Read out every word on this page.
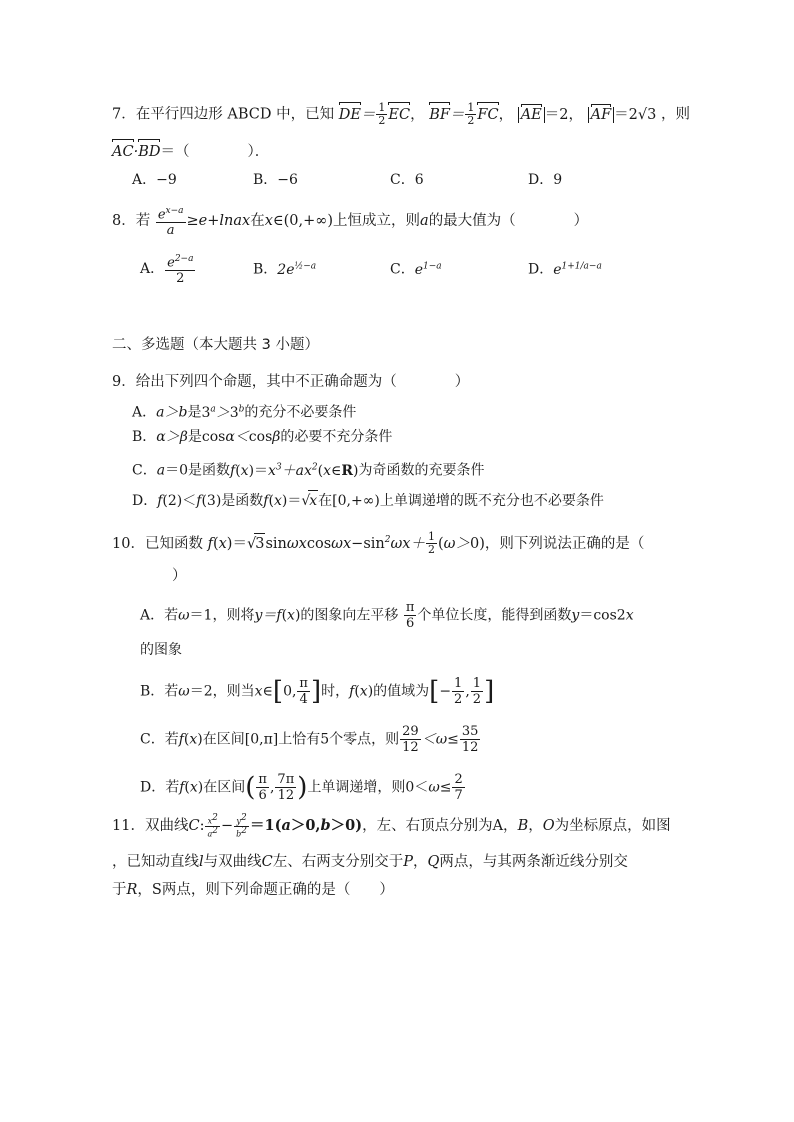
7．在平行四边形 ABCD 中，已知 $DE= \frac{1}{2}$ EC， $BF= \frac{1}{2}$ FC， AE ＝2， AF ＝2√3 ，则
AC·BD＝（　　　　）．
A．−9	B．−6	C．6	D．9
8．若 $\frac{e^{x-a}}{a}$ ≥e+lnax在x∈(0,+∞)上恒成立，则a的最大值为（　　　　）
A． $\frac{e^{2-a}}{2}$	B．$2e^{\frac{1}{2}-a}$	C．$e^{1-a}$	D．$e^{1+1/a-a}$
二、多选题（本大题共 3 小题）
9．给出下列四个命题，其中不正确命题为（　　　　）
A．a＞b是$3^a>3^b$的充分不必要条件
B．α＞β是cosα＜cosβ的必要不充分条件
C．a＝0是函数$f(x)=x^3+ax^2(x\in R)$为奇函数的充要条件
D．f(2)＜f(3)是函数f(x)＝√x在[0,+∞)上单调递增的既不充分也不必要条件
10．已知函数 $f(x)=√3\sin\omega xcos\omega x-\sin^2\omega x+ \frac{1}{2} (\omega>0)$，则下列说法正确的是（
）
A．若ω＝1，则将y＝f(x)的图象向左平移 $\frac{\pi}{6}$ 个单位长度，能得到函数y＝cos2x
的图象
B．若ω＝2，则当x∈[0, $\frac{\pi}{4}$ ]时，f(x)的值域为[− $\frac{1}{2}$ , $\frac{1}{2}$ ]
C．若f(x)在区间[0,π]上恰有5个零点，则 $\frac{29}{12} <\omega\le \frac{35}{12}$
D．若f(x)在区间( $\frac{\pi}{6}$ , $\frac{7\pi}{12}$ )上单调递增，则$0<\omega\le \frac{2}{7}$
11．双曲线C: $\frac{x2}{a2} - \frac{y2}{b2} =1(a>0,b>0)$，左、右顶点分别为A，B，O为坐标原点，如图
，已知动直线l与双曲线C左、右两支分别交于P，Q两点，与其两条渐近线分别交
于R，S两点，则下列命题正确的是（　　）
